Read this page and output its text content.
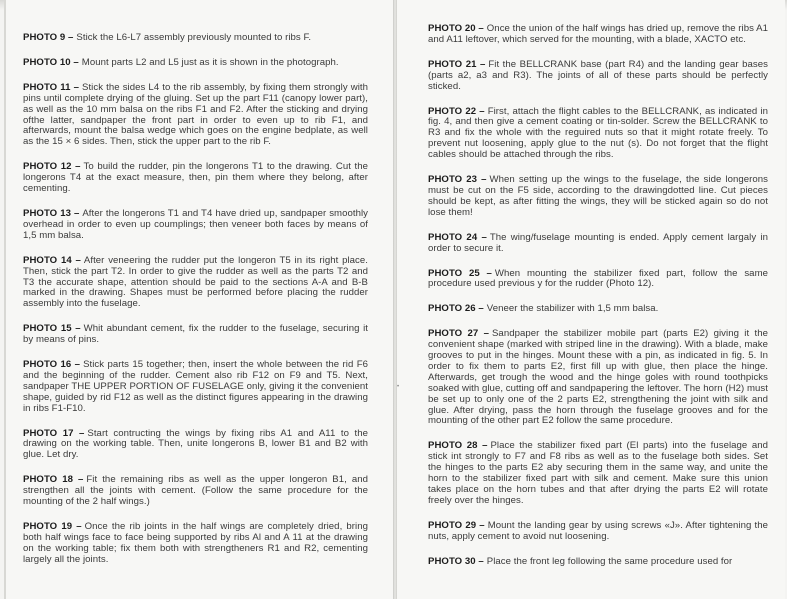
•

PHOTO 9 – Stick the L6-L7 assembly previously mounted to ribs F.

PHOTO 10 – Mount parts L2 and L5 just as it is shown in the photograph.

PHOTO 11 – Stick the sides L4 to the rib assembly, by fixing them strongly with pins until complete drying of the gluing. Set up the part F11 (canopy lower part), as well as the 10 mm balsa on the ribs F1 and F2. After the sticking and drying ofthe latter, sandpaper the front part in order to even up to rib F1, and afterwards, mount the balsa wedge which goes on the engine bedplate, as well as the 15 × 6 sides. Then, stick the upper part to the rib F.

PHOTO 12 – To build the rudder, pin the longerons T1 to the drawing. Cut the longerons T4 at the exact measure, then, pin them where they belong, after cementing.

PHOTO 13 – After the longerons T1 and T4 have dried up, sandpaper smoothly overhead in order to even up coumplings; then veneer both faces by means of 1,5 mm balsa.

PHOTO 14 – After veneering the rudder put the longeron T5 in its right place. Then, stick the part T2. In order to give the rudder as well as the parts T2 and T3 the accurate shape, attention should be paid to the sections A-A and B-B marked in the drawing. Shapes must be performed before placing the rudder assembly into the fuselage.

PHOTO 15 – Whit abundant cement, fix the rudder to the fuselage, securing it by means of pins.

PHOTO 16 – Stick parts 15 together; then, insert the whole between the rid F6 and the beginning of the rudder. Cement also rib F12 on F9 and T5. Next, sandpaper THE UPPER PORTION OF FUSELAGE only, giving it the convenient shape, guided by rid F12 as well as the distinct figures appearing in the drawing in ribs F1-F10.

PHOTO 17 – Start contructing the wings by fixing ribs A1 and A11 to the drawing on the working table. Then, unite longerons B, lower B1 and B2 with glue. Let dry.

PHOTO 18 – Fit the remaining ribs as well as the upper longeron B1, and strengthen all the joints with cement. (Follow the same procedure for the mounting of the 2 half wings.)

PHOTO 19 – Once the rib joints in the half wings are completely dried, bring both half wings face to face being supported by ribs Al and A 11 at the drawing on the working table; fix them both with strengtheners R1 and R2, cementing largely all the joints.

PHOTO 20 – Once the union of the half wings has dried up, remove the ribs A1 and A11 leftover, which served for the mounting, with a blade, XACTO etc.

PHOTO 21 – Fit the BELLCRANK base (part R4) and the landing gear bases (parts a2, a3 and R3). The joints of all of these parts should be perfectly sticked.

PHOTO 22 – First, attach the flight cables to the BELLCRANK, as indicated in fig. 4, and then give a cement coating or tin-solder. Screw the BELLCRANK to R3 and fix the whole with the reguired nuts so that it might rotate freely. To prevent nut loosening, apply glue to the nut (s). Do not forget that the flight cables should be attached through the ribs.

PHOTO 23 – When setting up the wings to the fuselage, the side longerons must be cut on the F5 side, according to the drawingdotted line. Cut pieces should be kept, as after fitting the wings, they will be sticked again so do not lose them!

PHOTO 24 – The wing/fuselage mounting is ended. Apply cement largaly in order to secure it.

PHOTO 25 – When mounting the stabilizer fixed part, follow the same procedure used previous y for the rudder (Photo 12).

PHOTO 26 – Veneer the stabilizer with 1,5 mm balsa.

PHOTO 27 – Sandpaper the stabilizer mobile part (parts E2) giving it the convenient shape (marked with striped line in the drawing). With a blade, make grooves to put in the hinges. Mount these with a pin, as indicated in fig. 5. In order to fix them to parts E2, first fill up with glue, then place the hinge. Afterwards, get trough the wood and the hinge goles with round toothpicks soaked with glue, cutting off and sandpapering the leftover. The horn (H2) must be set up to only one of the 2 parts E2, strengthening the joint with silk and glue. After drying, pass the horn through the fuselage grooves and for the mounting of the other part E2 follow the same procedure.

PHOTO 28 – Place the stabilizer fixed part (El parts) into the fuselage and stick int strongly to F7 and F8 ribs as well as to the fuselage both sides. Set the hinges to the parts E2 aby securing them in the same way, and unite the horn to the stabilizer fixed part with silk and cement. Make sure this union takes place on the horn tubes and that after drying the parts E2 will rotate freely over the hinges.

PHOTO 29 – Mount the landing gear by using screws «J». After tightening the nuts, apply cement to avoid nut loosening.

PHOTO 30 – Place the front leg following the same procedure used for
